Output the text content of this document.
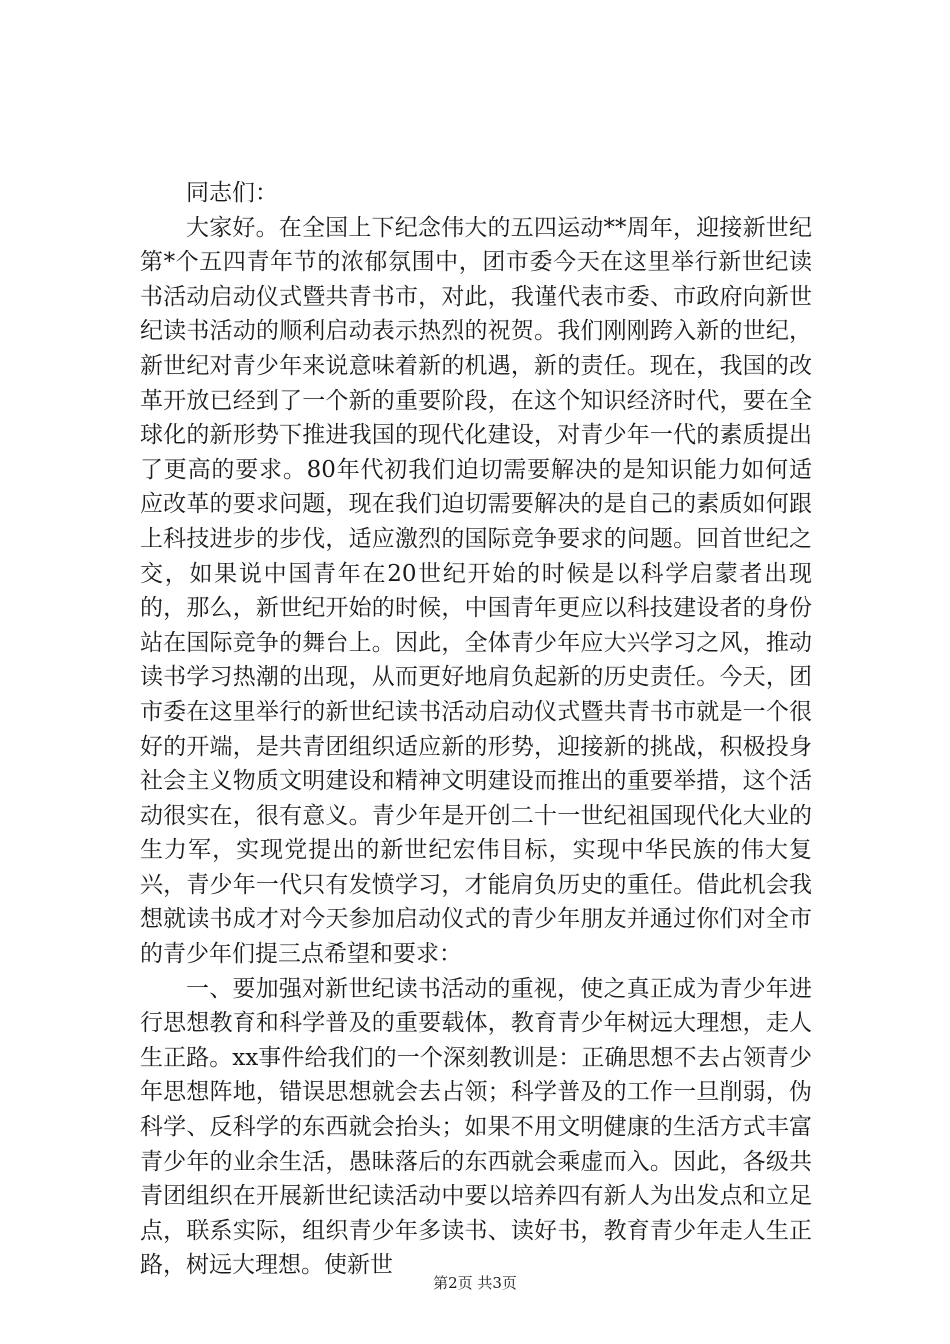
同志们：

大家好。在全国上下纪念伟大的五四运动**周年，迎接新世纪第*个五四青年节的浓郁氛围中，团市委今天在这里举行新世纪读书活动启动仪式暨共青书市，对此，我谨代表市委、市政府向新世纪读书活动的顺利启动表示热烈的祝贺。我们刚刚跨入新的世纪，新世纪对青少年来说意味着新的机遇，新的责任。现在，我国的改革开放已经到了一个新的重要阶段，在这个知识经济时代，要在全球化的新形势下推进我国的现代化建设，对青少年一代的素质提出了更高的要求。80年代初我们迫切需要解决的是知识能力如何适应改革的要求问题，现在我们迫切需要解决的是自己的素质如何跟上科技进步的步伐，适应激烈的国际竞争要求的问题。回首世纪之交，如果说中国青年在20世纪开始的时候是以科学启蒙者出现的，那么，新世纪开始的时候，中国青年更应以科技建设者的身份站在国际竞争的舞台上。因此，全体青少年应大兴学习之风，推动读书学习热潮的出现，从而更好地肩负起新的历史责任。今天，团市委在这里举行的新世纪读书活动启动仪式暨共青书市就是一个很好的开端，是共青团组织适应新的形势，迎接新的挑战，积极投身社会主义物质文明建设和精神文明建设而推出的重要举措，这个活动很实在，很有意义。青少年是开创二十一世纪祖国现代化大业的生力军，实现党提出的新世纪宏伟目标，实现中华民族的伟大复兴，青少年一代只有发愤学习，才能肩负历史的重任。借此机会我想就读书成才对今天参加启动仪式的青少年朋友并通过你们对全市的青少年们提三点希望和要求：

一、要加强对新世纪读书活动的重视，使之真正成为青少年进行思想教育和科学普及的重要载体，教育青少年树远大理想，走人生正路。xx事件给我们的一个深刻教训是：正确思想不去占领青少年思想阵地，错误思想就会去占领；科学普及的工作一旦削弱，伪科学、反科学的东西就会抬头；如果不用文明健康的生活方式丰富青少年的业余生活，愚昧落后的东西就会乘虚而入。因此，各级共青团组织在开展新世纪读活动中要以培养四有新人为出发点和立足点，联系实际，组织青少年多读书、读好书，教育青少年走人生正路，树远大理想。使新世

第2页 共3页
